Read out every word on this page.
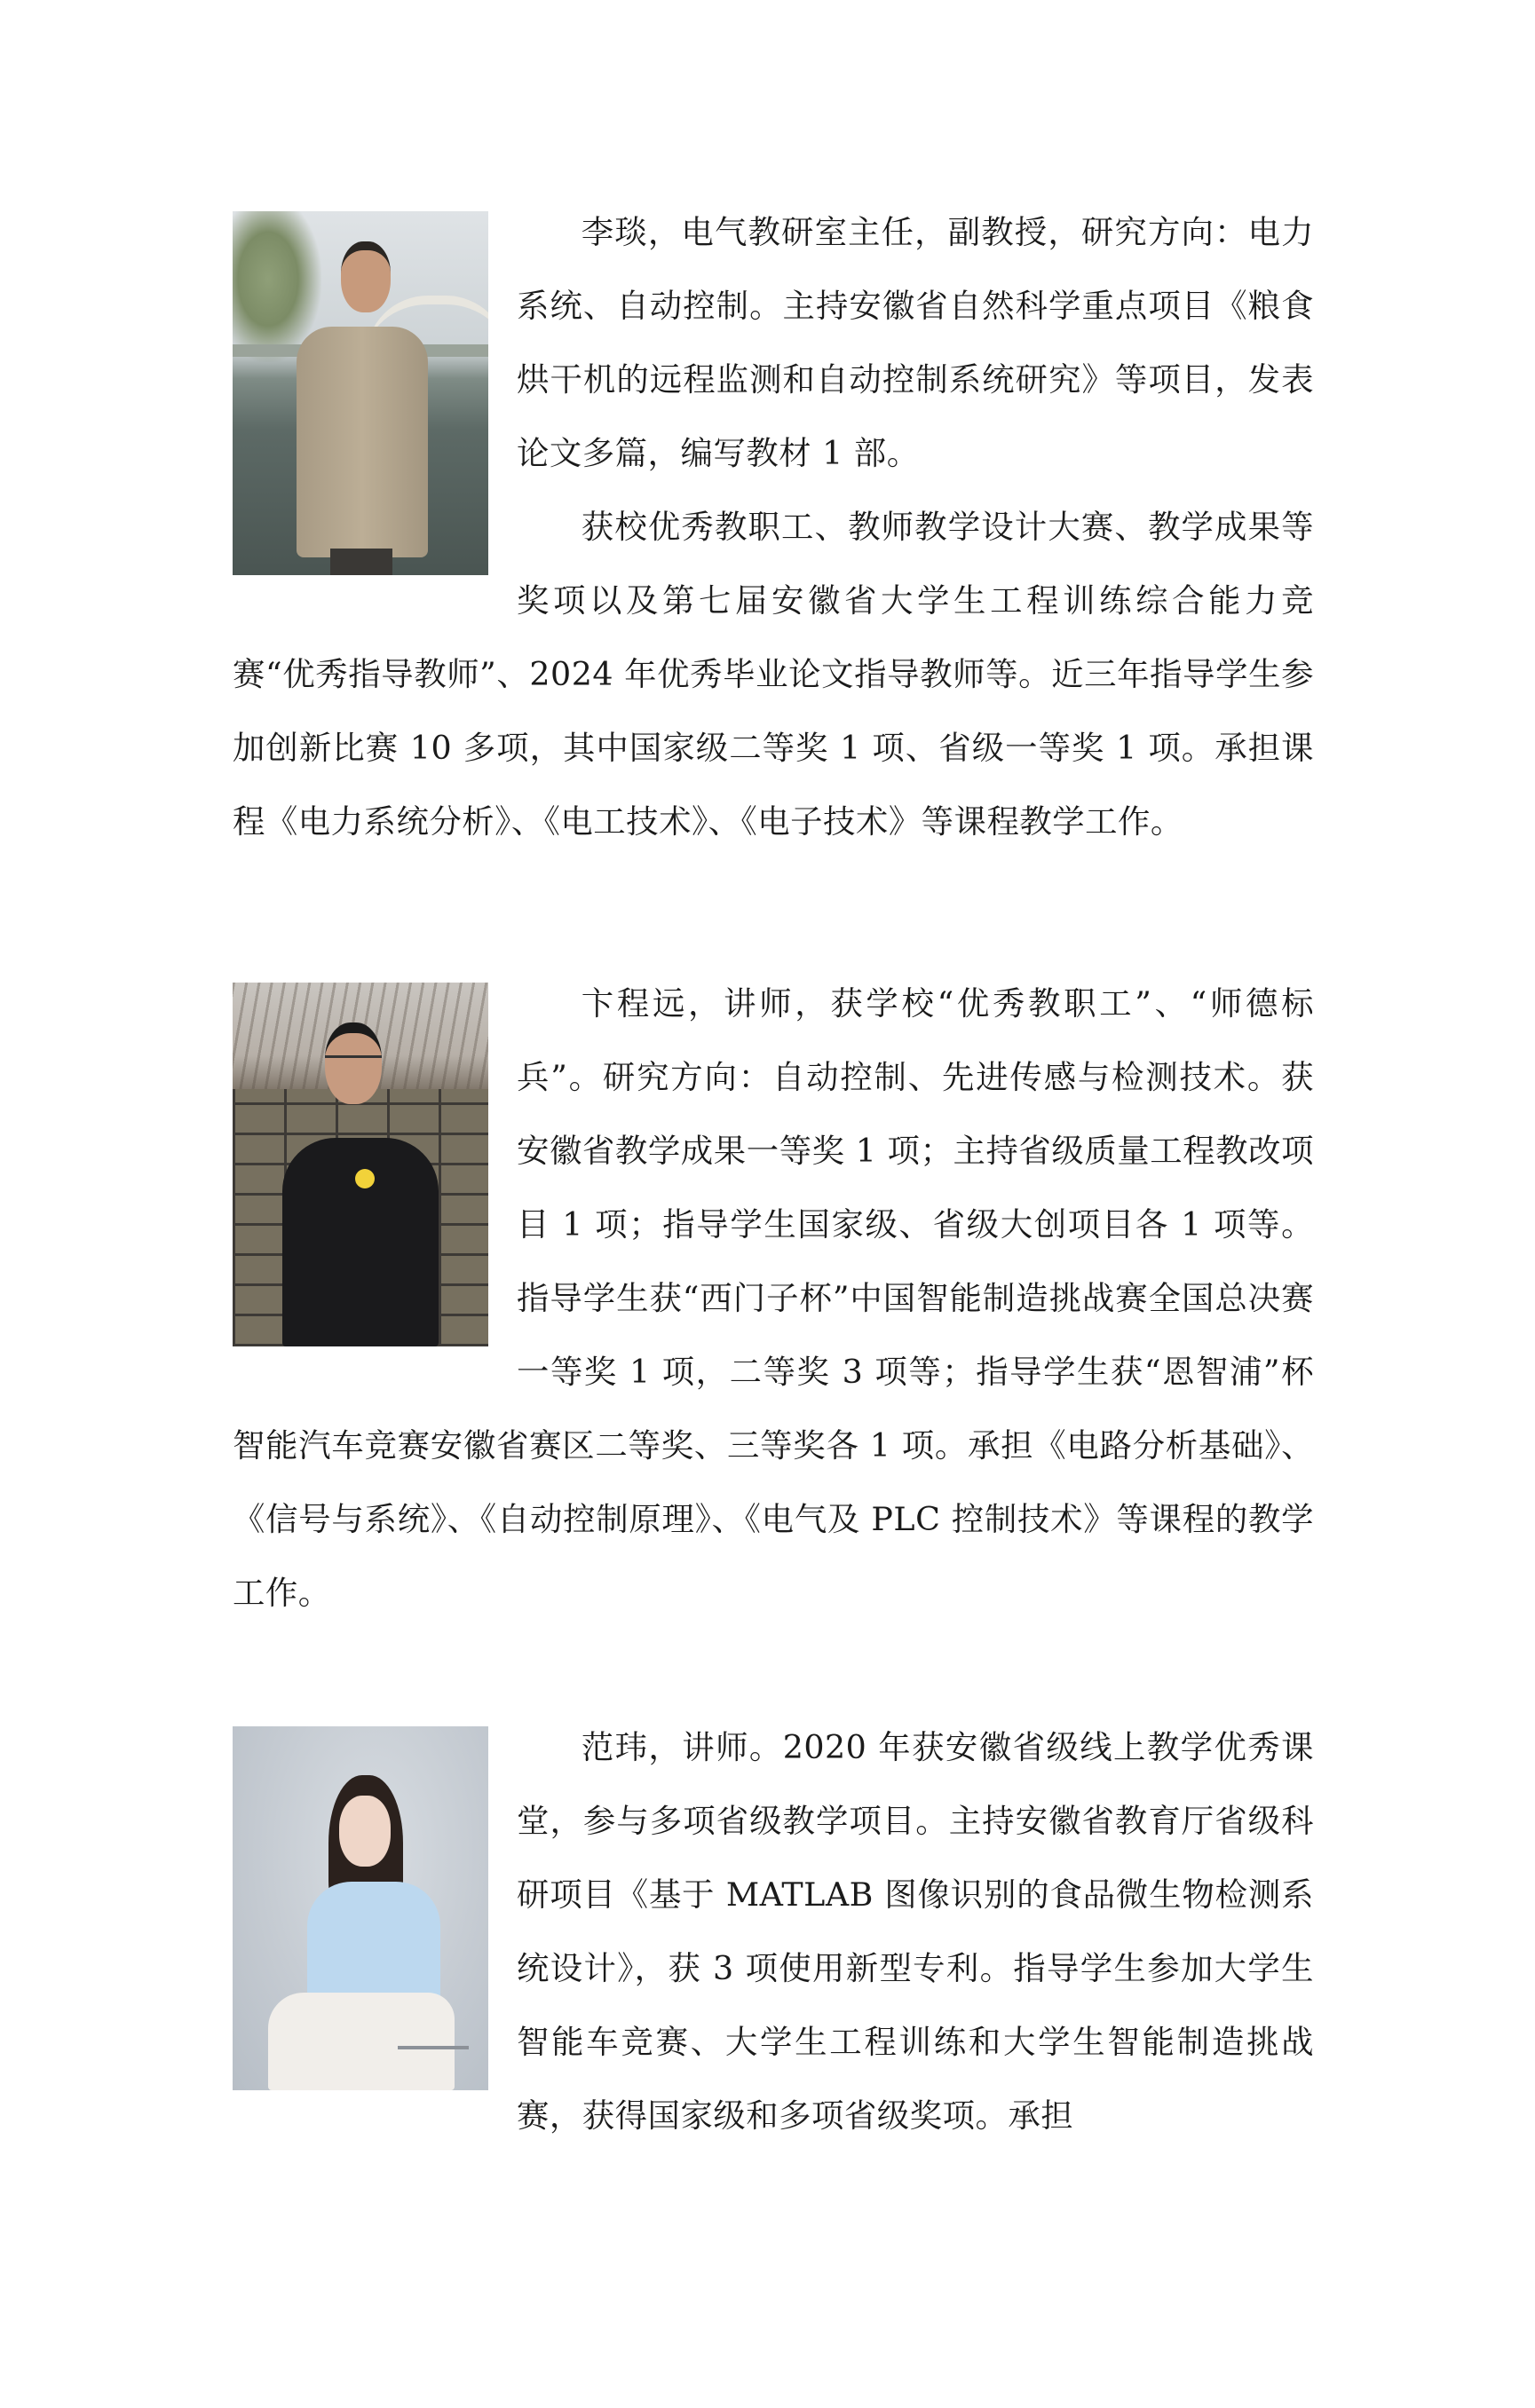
李琰，电气教研室主任，副教授，研究方向：电力系统、自动控制。主持安徽省自然科学重点项目《粮食烘干机的远程监测和自动控制系统研究》等项目，发表论文多篇，编写教材 1 部。

获校优秀教职工、教师教学设计大赛、教学成果等奖项以及第七届安徽省大学生工程训练综合能力竞赛“优秀指导教师”、2024 年优秀毕业论文指导教师等。近三年指导学生参加创新比赛 10 多项，其中国家级二等奖 1 项、省级一等奖 1 项。承担课程《电力系统分析》、《电工技术》、《电子技术》等课程教学工作。

卞程远，讲师，获学校“优秀教职工”、“师德标兵”。研究方向：自动控制、先进传感与检测技术。获安徽省教学成果一等奖 1 项；主持省级质量工程教改项目 1 项；指导学生国家级、省级大创项目各 1 项等。指导学生获“西门子杯”中国智能制造挑战赛全国总决赛一等奖 1 项，二等奖 3 项等；指导学生获“恩智浦”杯智能汽车竞赛安徽省赛区二等奖、三等奖各 1 项。承担《电路分析基础》、《信号与系统》、《自动控制原理》、《电气及 PLC 控制技术》等课程的教学工作。

范玮，讲师。2020 年获安徽省级线上教学优秀课堂，参与多项省级教学项目。主持安徽省教育厅省级科研项目《基于 MATLAB 图像识别的食品微生物检测系统设计》，获 3 项使用新型专利。指导学生参加大学生智能车竞赛、大学生工程训练和大学生智能制造挑战赛，获得国家级和多项省级奖项。承担
